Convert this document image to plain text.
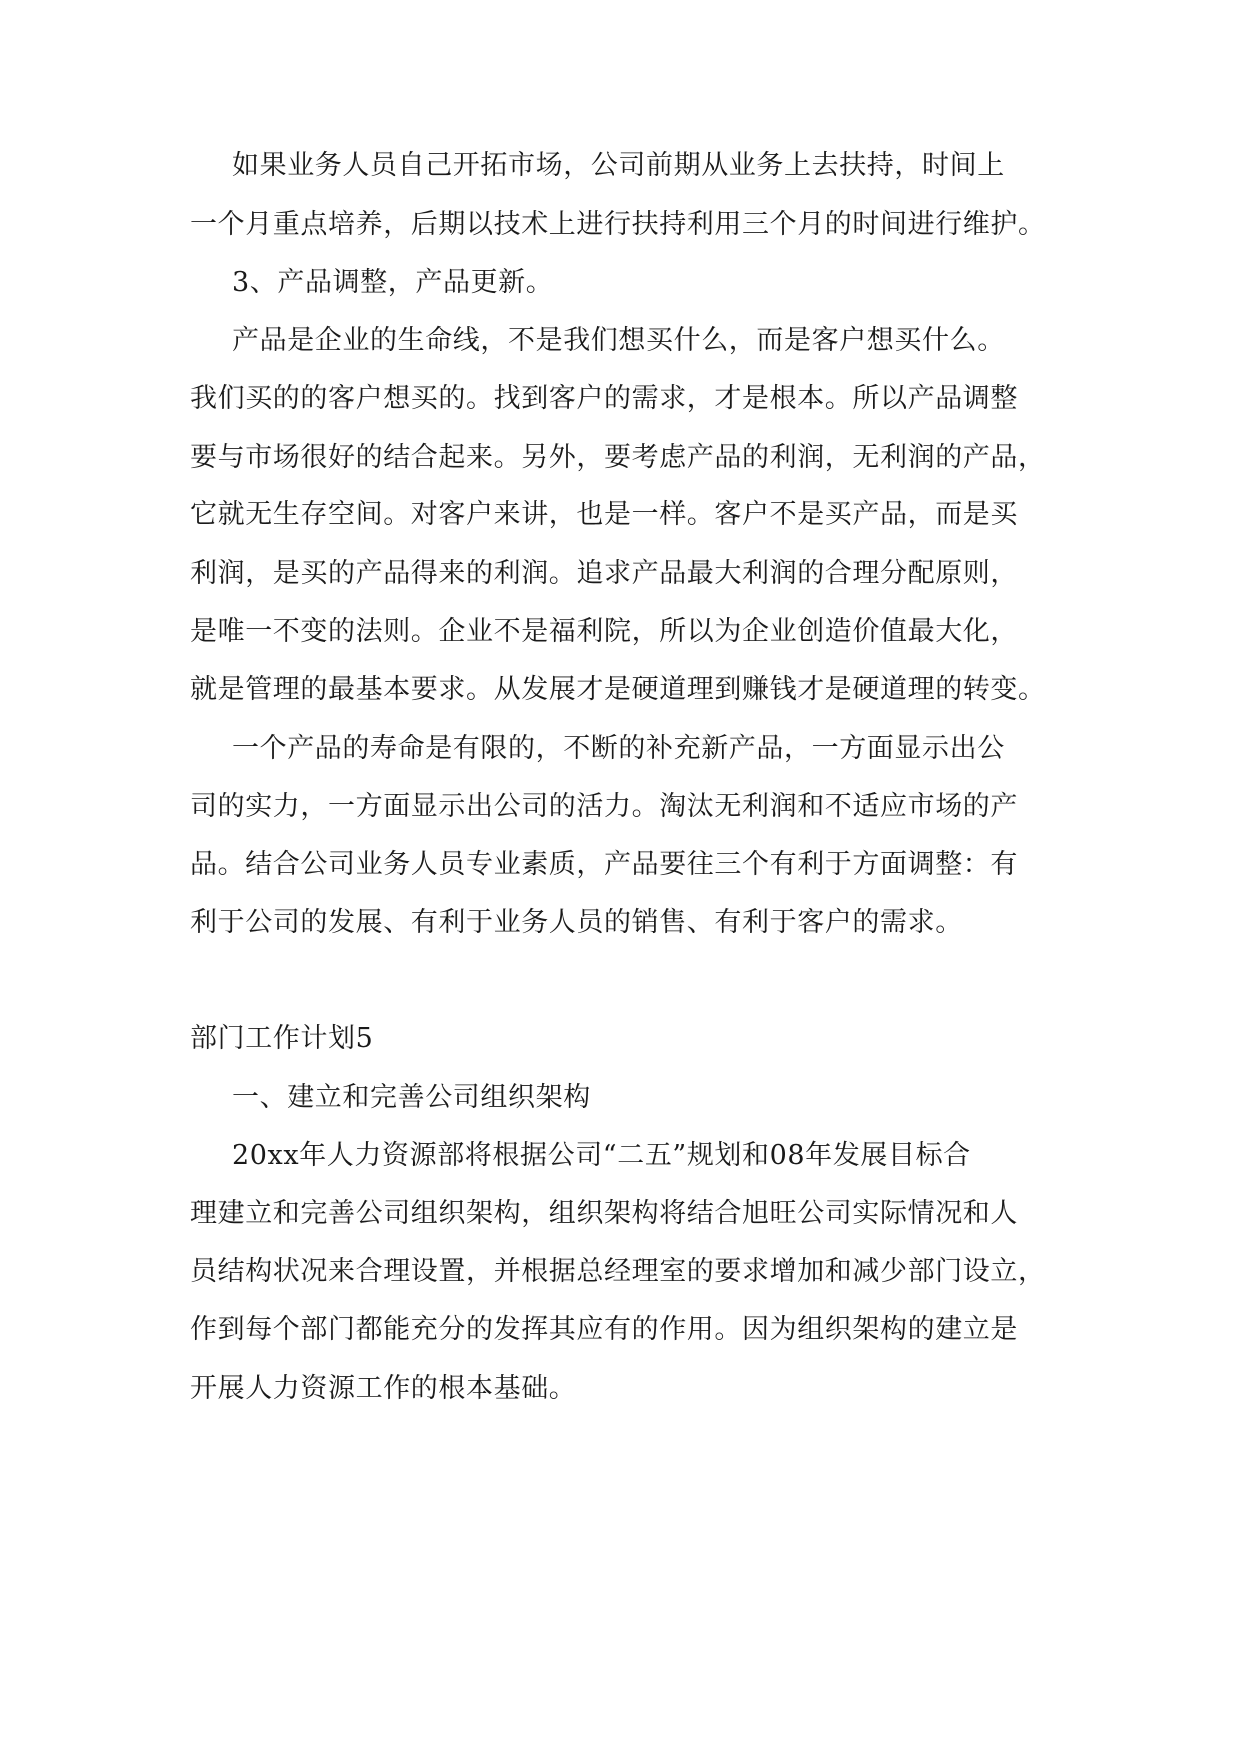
如果业务人员自己开拓市场，公司前期从业务上去扶持，时间上
一个月重点培养，后期以技术上进行扶持利用三个月的时间进行维护。
3、产品调整，产品更新。
产品是企业的生命线，不是我们想买什么，而是客户想买什么。
我们买的的客户想买的。找到客户的需求，才是根本。所以产品调整
要与市场很好的结合起来。另外，要考虑产品的利润，无利润的产品，
它就无生存空间。对客户来讲，也是一样。客户不是买产品，而是买
利润，是买的产品得来的利润。追求产品最大利润的合理分配原则，
是唯一不变的法则。企业不是福利院，所以为企业创造价值最大化，
就是管理的最基本要求。从发展才是硬道理到赚钱才是硬道理的转变。
一个产品的寿命是有限的，不断的补充新产品，一方面显示出公
司的实力，一方面显示出公司的活力。淘汰无利润和不适应市场的产
品。结合公司业务人员专业素质，产品要往三个有利于方面调整：有
利于公司的发展、有利于业务人员的销售、有利于客户的需求。
部门工作计划5
一、建立和完善公司组织架构
20xx年人力资源部将根据公司“二五”规划和08年发展目标合
理建立和完善公司组织架构，组织架构将结合旭旺公司实际情况和人
员结构状况来合理设置，并根据总经理室的要求增加和减少部门设立，
作到每个部门都能充分的发挥其应有的作用。因为组织架构的建立是
开展人力资源工作的根本基础。
